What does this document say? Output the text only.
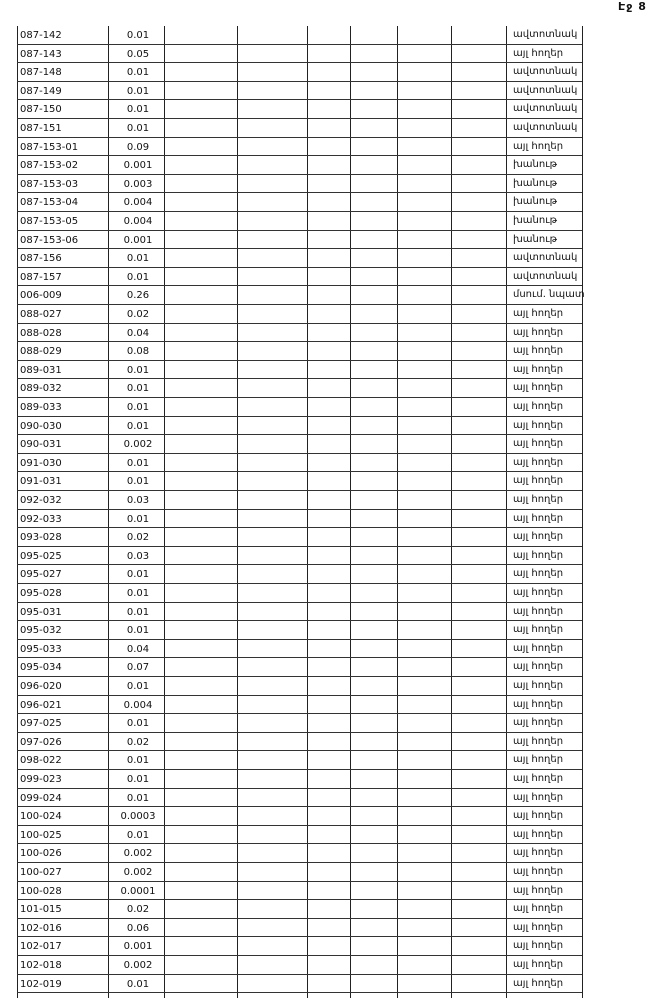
Էջ 8
087-142	0.01	ավտոտնակ
087-143	0.05	այլ հողեր
087-148	0.01	ավտոտնակ
087-149	0.01	ավտոտնակ
087-150	0.01	ավտոտնակ
087-151	0.01	ավտոտնակ
087-153-01	0.09	այլ հողեր
087-153-02	0.001	խանութ
087-153-03	0.003	խանութ
087-153-04	0.004	խանութ
087-153-05	0.004	խանութ
087-153-06	0.001	խանութ
087-156	0.01	ավտոտնակ
087-157	0.01	ավտոտնակ
006-009	0.26	մսում. նպատ
088-027	0.02	այլ հողեր
088-028	0.04	այլ հողեր
088-029	0.08	այլ հողեր
089-031	0.01	այլ հողեր
089-032	0.01	այլ հողեր
089-033	0.01	այլ հողեր
090-030	0.01	այլ հողեր
090-031	0.002	այլ հողեր
091-030	0.01	այլ հողեր
091-031	0.01	այլ հողեր
092-032	0.03	այլ հողեր
092-033	0.01	այլ հողեր
093-028	0.02	այլ հողեր
095-025	0.03	այլ հողեր
095-027	0.01	այլ հողեր
095-028	0.01	այլ հողեր
095-031	0.01	այլ հողեր
095-032	0.01	այլ հողեր
095-033	0.04	այլ հողեր
095-034	0.07	այլ հողեր
096-020	0.01	այլ հողեր
096-021	0.004	այլ հողեր
097-025	0.01	այլ հողեր
097-026	0.02	այլ հողեր
098-022	0.01	այլ հողեր
099-023	0.01	այլ հողեր
099-024	0.01	այլ հողեր
100-024	0.0003	այլ հողեր
100-025	0.01	այլ հողեր
100-026	0.002	այլ հողեր
100-027	0.002	այլ հողեր
100-028	0.0001	այլ հողեր
101-015	0.02	այլ հողեր
102-016	0.06	այլ հողեր
102-017	0.001	այլ հողեր
102-018	0.002	այլ հողեր
102-019	0.01	այլ հողեր
